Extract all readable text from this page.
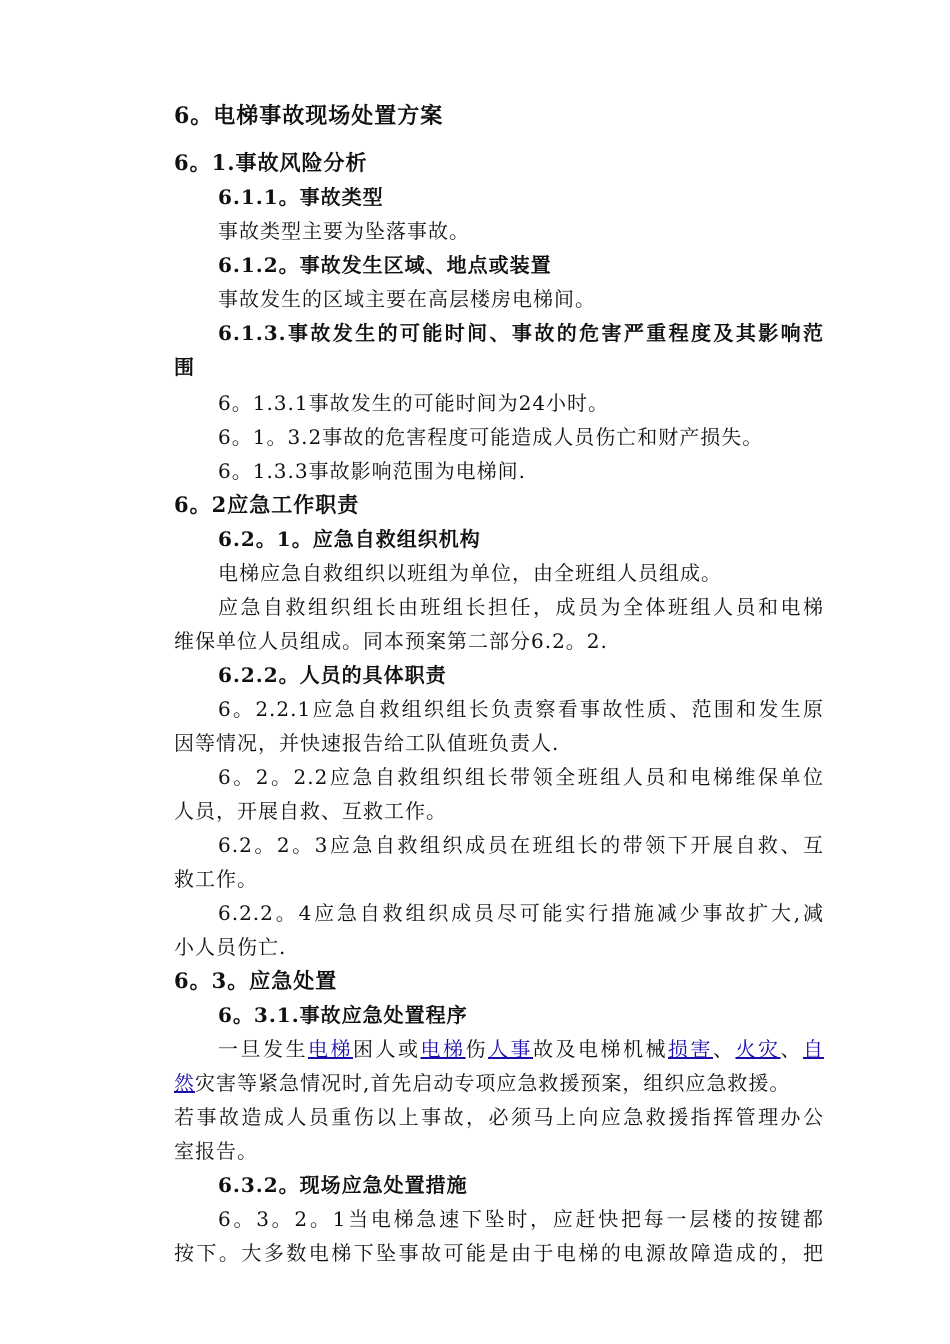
6。电梯事故现场处置方案
6。1.事故风险分析
6.1.1。事故类型
事故类型主要为坠落事故。
6.1.2。事故发生区域、地点或装置
事故发生的区域主要在高层楼房电梯间。
6.1.3.事故发生的可能时间、事故的危害严重程度及其影响范
围
6。1.3.1事故发生的可能时间为24小时。
6。1。3.2事故的危害程度可能造成人员伤亡和财产损失。
6。1.3.3事故影响范围为电梯间.
6。2应急工作职责
6.2。1。应急自救组织机构
电梯应急自救组织以班组为单位，由全班组人员组成。
应急自救组织组长由班组长担任，成员为全体班组人员和电梯
维保单位人员组成。同本预案第二部分6.2。2.
6.2.2。人员的具体职责
6。2.2.1应急自救组织组长负责察看事故性质、范围和发生原
因等情况，并快速报告给工队值班负责人.
6。2。2.2应急自救组织组长带领全班组人员和电梯维保单位
人员，开展自救、互救工作。
6.2。2。3应急自救组织成员在班组长的带领下开展自救、互
救工作。
6.2.2。4应急自救组织成员尽可能实行措施减少事故扩大,减
小人员伤亡.
6。3。应急处置
6。3.1.事故应急处置程序
一旦发生电梯困人或电梯伤人事故及电梯机械损害、火灾、自
然灾害等紧急情况时,首先启动专项应急救援预案，组织应急救援。
若事故造成人员重伤以上事故，必须马上向应急救援指挥管理办公
室报告。
6.3.2。现场应急处置措施
6。3。2。1当电梯急速下坠时，应赶快把每一层楼的按键都
按下。大多数电梯下坠事故可能是由于电梯的电源故障造成的，把
